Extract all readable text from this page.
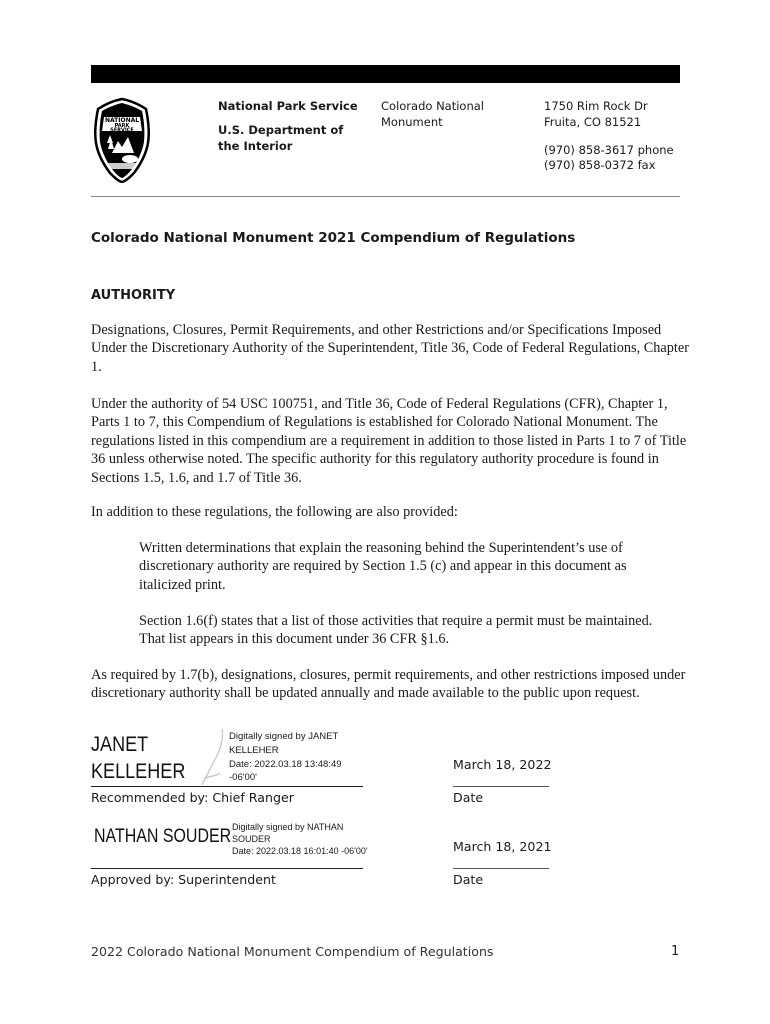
NATIONAL
PARK
SERVICE
National Park Service
U.S. Department of the Interior
Colorado National Monument
1750 Rim Rock Dr
Fruita, CO 81521
(970) 858-3617 phone
(970) 858-0372 fax
Colorado National Monument 2021 Compendium of Regulations
AUTHORITY
Designations, Closures, Permit Requirements, and other Restrictions and/or Specifications Imposed Under the Discretionary Authority of the Superintendent, Title 36, Code of Federal Regulations, Chapter 1.
Under the authority of 54 USC 100751, and Title 36, Code of Federal Regulations (CFR), Chapter 1, Parts 1 to 7, this Compendium of Regulations is established for Colorado National Monument. The regulations listed in this compendium are a requirement in addition to those listed in Parts 1 to 7 of Title 36 unless otherwise noted. The specific authority for this regulatory authority procedure is found in Sections 1.5, 1.6, and 1.7 of Title 36.
In addition to these regulations, the following are also provided:
Written determinations that explain the reasoning behind the Superintendent’s use of discretionary authority are required by Section 1.5 (c) and appear in this document as italicized print.
Section 1.6(f) states that a list of those activities that require a permit must be maintained. That list appears in this document under 36 CFR §1.6.
As required by 1.7(b), designations, closures, permit requirements, and other restrictions imposed under discretionary authority shall be updated annually and made available to the public upon request.
JANET
KELLEHER
Digitally signed by JANET
KELLEHER
Date: 2022.03.18 13:48:49
-06'00'
Recommended by: Chief Ranger
March 18, 2022
Date
NATHAN SOUDER Digitally signed by NATHAN
SOUDER
Date: 2022.03.18 16:01:40 -06'00'
Approved by: Superintendent
March 18, 2021
Date
2022 Colorado National Monument Compendium of Regulations	1
